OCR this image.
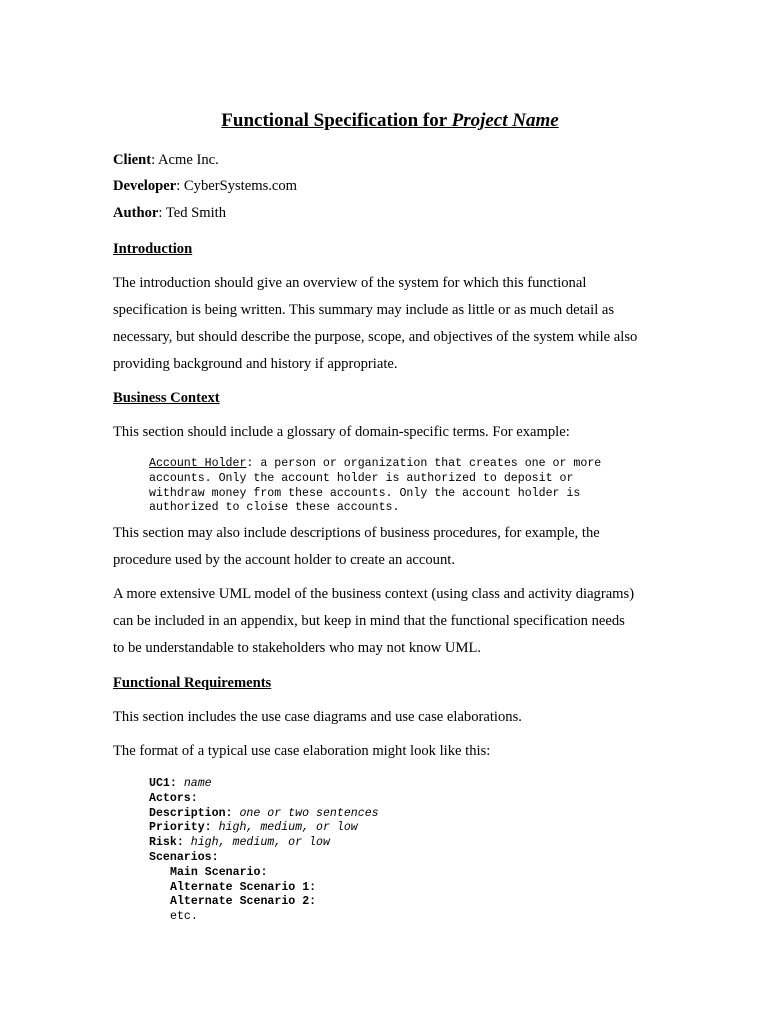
Functional Specification for Project Name
Client: Acme Inc.
Developer: CyberSystems.com
Author: Ted Smith
Introduction
The introduction should give an overview of the system for which this functional
specification is being written. This summary may include as little or as much detail as
necessary, but should describe the purpose, scope, and objectives of the system while also
providing background and history if appropriate.
Business Context
This section should include a glossary of domain-specific terms. For example:
Account Holder: a person or organization that creates one or more
accounts. Only the account holder is authorized to deposit or
withdraw money from these accounts. Only the account holder is
authorized to cloise these accounts.
This section may also include descriptions of business procedures, for example, the
procedure used by the account holder to create an account.
A more extensive UML model of the business context (using class and activity diagrams)
can be included in an appendix, but keep in mind that the functional specification needs
to be understandable to stakeholders who may not know UML.
Functional Requirements
This section includes the use case diagrams and use case elaborations.
The format of a typical use case elaboration might look like this:
UC1: name
Actors:
Description: one or two sentences
Priority: high, medium, or low
Risk: high, medium, or low
Scenarios:
Main Scenario:
Alternate Scenario 1:
Alternate Scenario 2:
etc.
